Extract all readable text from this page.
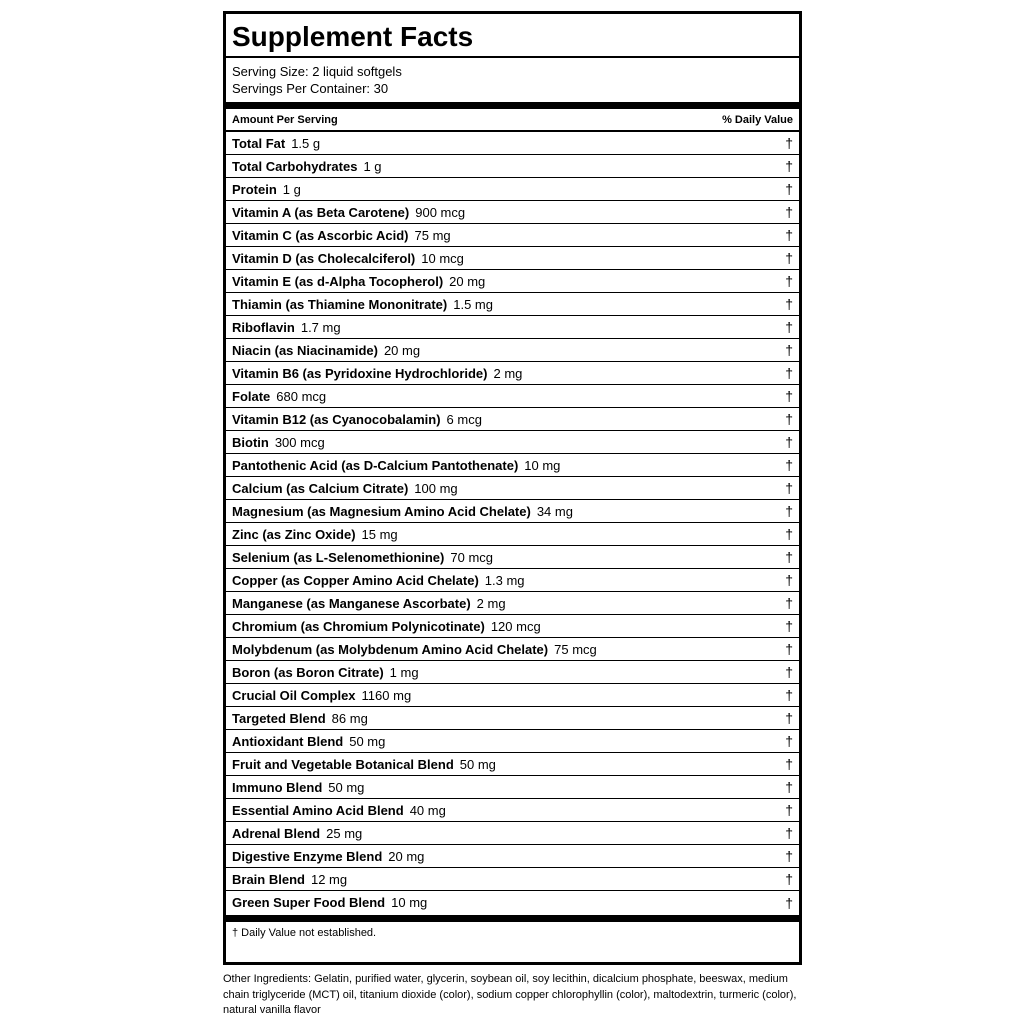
Supplement Facts
Serving Size: 2 liquid softgels
Servings Per Container: 30
Amount Per Serving	% Daily Value
Total Fat 1.5 g	†
Total Carbohydrates 1 g	†
Protein 1 g	†
Vitamin A (as Beta Carotene) 900 mcg	†
Vitamin C (as Ascorbic Acid) 75 mg	†
Vitamin D (as Cholecalciferol) 10 mcg	†
Vitamin E (as d-Alpha Tocopherol) 20 mg	†
Thiamin (as Thiamine Mononitrate) 1.5 mg	†
Riboflavin 1.7 mg	†
Niacin (as Niacinamide) 20 mg	†
Vitamin B6 (as Pyridoxine Hydrochloride) 2 mg	†
Folate 680 mcg	†
Vitamin B12 (as Cyanocobalamin) 6 mcg	†
Biotin 300 mcg	†
Pantothenic Acid (as D-Calcium Pantothenate) 10 mg	†
Calcium (as Calcium Citrate) 100 mg	†
Magnesium (as Magnesium Amino Acid Chelate) 34 mg	†
Zinc (as Zinc Oxide) 15 mg	†
Selenium (as L-Selenomethionine) 70 mcg	†
Copper (as Copper Amino Acid Chelate) 1.3 mg	†
Manganese (as Manganese Ascorbate) 2 mg	†
Chromium (as Chromium Polynicotinate) 120 mcg	†
Molybdenum (as Molybdenum Amino Acid Chelate) 75 mcg	†
Boron (as Boron Citrate) 1 mg	†
Crucial Oil Complex 1160 mg	†
Targeted Blend 86 mg	†
Antioxidant Blend 50 mg	†
Fruit and Vegetable Botanical Blend 50 mg	†
Immuno Blend 50 mg	†
Essential Amino Acid Blend 40 mg	†
Adrenal Blend 25 mg	†
Digestive Enzyme Blend 20 mg	†
Brain Blend 12 mg	†
Green Super Food Blend 10 mg	†
† Daily Value not established.
Other Ingredients: Gelatin, purified water, glycerin, soybean oil, soy lecithin, dicalcium phosphate, beeswax, medium chain triglyceride (MCT) oil, titanium dioxide (color), sodium copper chlorophyllin (color), maltodextrin, turmeric (color), natural vanilla flavor
